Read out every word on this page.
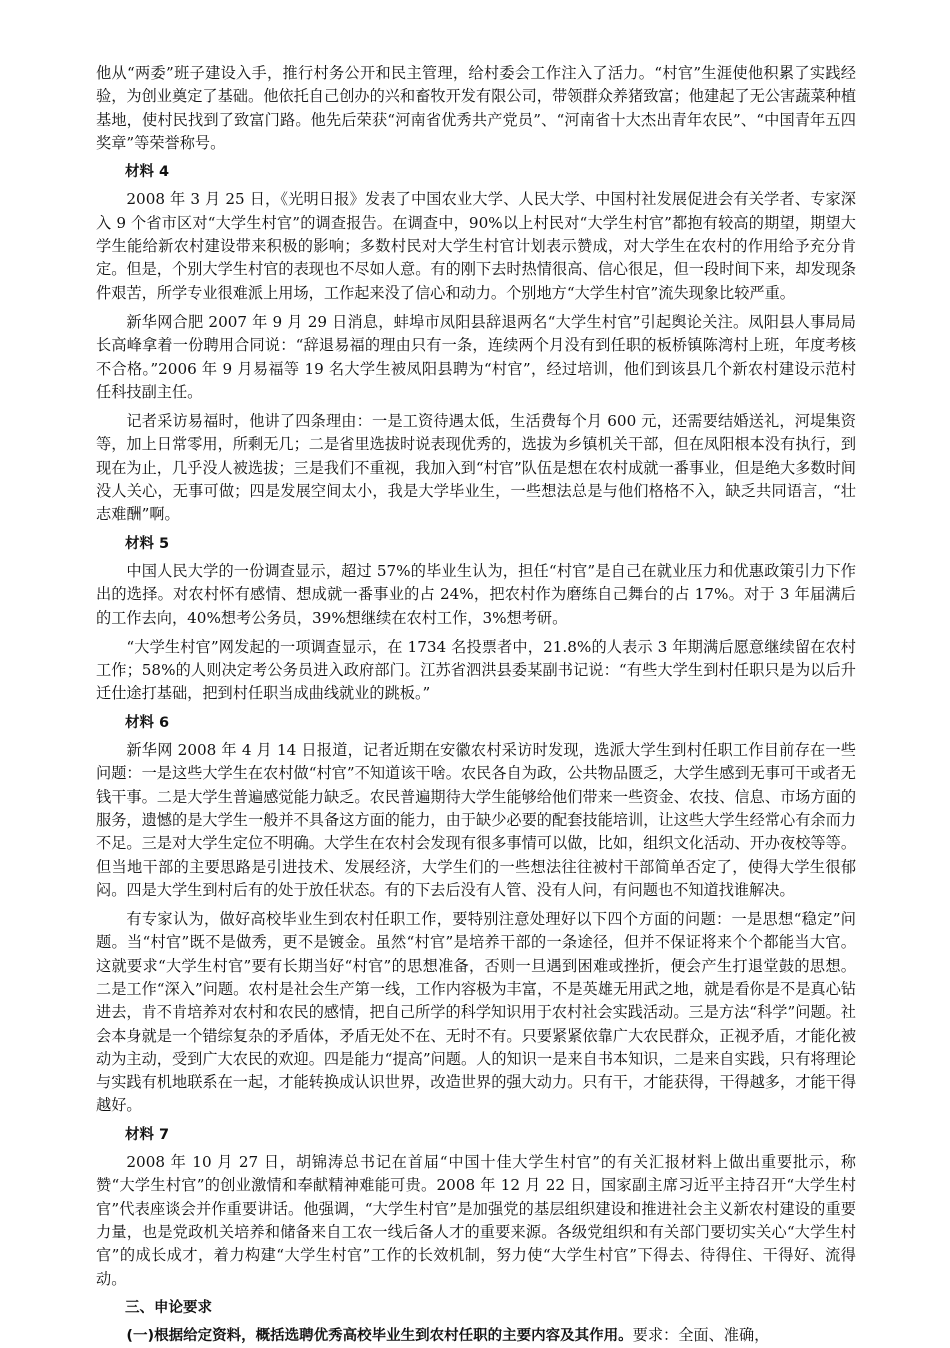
他从“两委”班子建设入手，推行村务公开和民主管理，给村委会工作注入了活力。“村官”生涯使他积累了实践经验，为创业奠定了基础。他依托自己创办的兴和畜牧开发有限公司，带领群众养猪致富；他建起了无公害蔬菜种植基地，使村民找到了致富门路。他先后荣获“河南省优秀共产党员”、“河南省十大杰出青年农民”、“中国青年五四奖章”等荣誉称号。

材料 4

2008 年 3 月 25 日，《光明日报》发表了中国农业大学、人民大学、中国村社发展促进会有关学者、专家深入 9 个省市区对“大学生村官”的调查报告。在调查中，90%以上村民对“大学生村官”都抱有较高的期望，期望大学生能给新农村建设带来积极的影响；多数村民对大学生村官计划表示赞成，对大学生在农村的作用给予充分肯定。但是，个别大学生村官的表现也不尽如人意。有的刚下去时热情很高、信心很足，但一段时间下来，却发现条件艰苦，所学专业很难派上用场，工作起来没了信心和动力。个别地方“大学生村官”流失现象比较严重。

新华网合肥 2007 年 9 月 29 日消息，蚌埠市凤阳县辞退两名“大学生村官”引起舆论关注。凤阳县人事局局长高峰拿着一份聘用合同说：“辞退易福的理由只有一条，连续两个月没有到任职的板桥镇陈湾村上班，年度考核不合格。”2006 年 9 月易福等 19 名大学生被凤阳县聘为“村官”，经过培训，他们到该县几个新农村建设示范村任科技副主任。

记者采访易福时，他讲了四条理由：一是工资待遇太低，生活费每个月 600 元，还需要结婚送礼，河堤集资等，加上日常零用，所剩无几；二是省里选拔时说表现优秀的，选拔为乡镇机关干部，但在凤阳根本没有执行，到现在为止，几乎没人被选拔；三是我们不重视，我加入到“村官”队伍是想在农村成就一番事业，但是绝大多数时间没人关心，无事可做；四是发展空间太小，我是大学毕业生，一些想法总是与他们格格不入，缺乏共同语言，“壮志难酬”啊。

材料 5

中国人民大学的一份调查显示，超过 57%的毕业生认为，担任“村官”是自己在就业压力和优惠政策引力下作出的选择。对农村怀有感情、想成就一番事业的占 24%，把农村作为磨练自己舞台的占 17%。对于 3 年届满后的工作去向，40%想考公务员，39%想继续在农村工作，3%想考研。

“大学生村官”网发起的一项调查显示，在 1734 名投票者中，21.8%的人表示 3 年期满后愿意继续留在农村工作；58%的人则决定考公务员进入政府部门。江苏省泗洪县委某副书记说：“有些大学生到村任职只是为以后升迁仕途打基础，把到村任职当成曲线就业的跳板。”

材料 6

新华网 2008 年 4 月 14 日报道，记者近期在安徽农村采访时发现，选派大学生到村任职工作目前存在一些问题：一是这些大学生在农村做“村官”不知道该干啥。农民各自为政，公共物品匮乏，大学生感到无事可干或者无钱干事。二是大学生普遍感觉能力缺乏。农民普遍期待大学生能够给他们带来一些资金、农技、信息、市场方面的服务，遗憾的是大学生一般并不具备这方面的能力，由于缺少必要的配套技能培训，让这些大学生经常心有余而力不足。三是对大学生定位不明确。大学生在农村会发现有很多事情可以做，比如，组织文化活动、开办夜校等等。但当地干部的主要思路是引进技术、发展经济，大学生们的一些想法往往被村干部简单否定了，使得大学生很郁闷。四是大学生到村后有的处于放任状态。有的下去后没有人管、没有人问，有问题也不知道找谁解决。

有专家认为，做好高校毕业生到农村任职工作，要特别注意处理好以下四个方面的问题：一是思想“稳定”问题。当“村官”既不是做秀，更不是镀金。虽然“村官”是培养干部的一条途径，但并不保证将来个个都能当大官。这就要求“大学生村官”要有长期当好“村官”的思想准备，否则一旦遇到困难或挫折，便会产生打退堂鼓的思想。二是工作“深入”问题。农村是社会生产第一线，工作内容极为丰富，不是英雄无用武之地，就是看你是不是真心钻进去，肯不肯培养对农村和农民的感情，把自己所学的科学知识用于农村社会实践活动。三是方法“科学”问题。社会本身就是一个错综复杂的矛盾体，矛盾无处不在、无时不有。只要紧紧依靠广大农民群众，正视矛盾，才能化被动为主动，受到广大农民的欢迎。四是能力“提高”问题。人的知识一是来自书本知识，二是来自实践，只有将理论与实践有机地联系在一起，才能转换成认识世界，改造世界的强大动力。只有干，才能获得，干得越多，才能干得越好。

材料 7

2008 年 10 月 27 日，胡锦涛总书记在首届“中国十佳大学生村官”的有关汇报材料上做出重要批示，称赞“大学生村官”的创业激情和奉献精神难能可贵。2008 年 12 月 22 日，国家副主席习近平主持召开“大学生村官”代表座谈会并作重要讲话。他强调，“大学生村官”是加强党的基层组织建设和推进社会主义新农村建设的重要力量，也是党政机关培养和储备来自工农一线后备人才的重要来源。各级党组织和有关部门要切实关心“大学生村官”的成长成才，着力构建“大学生村官”工作的长效机制，努力使“大学生村官”下得去、待得住、干得好、流得动。

三、申论要求

(一)根据给定资料，概括选聘优秀高校毕业生到农村任职的主要内容及其作用。要求：全面、准确，
